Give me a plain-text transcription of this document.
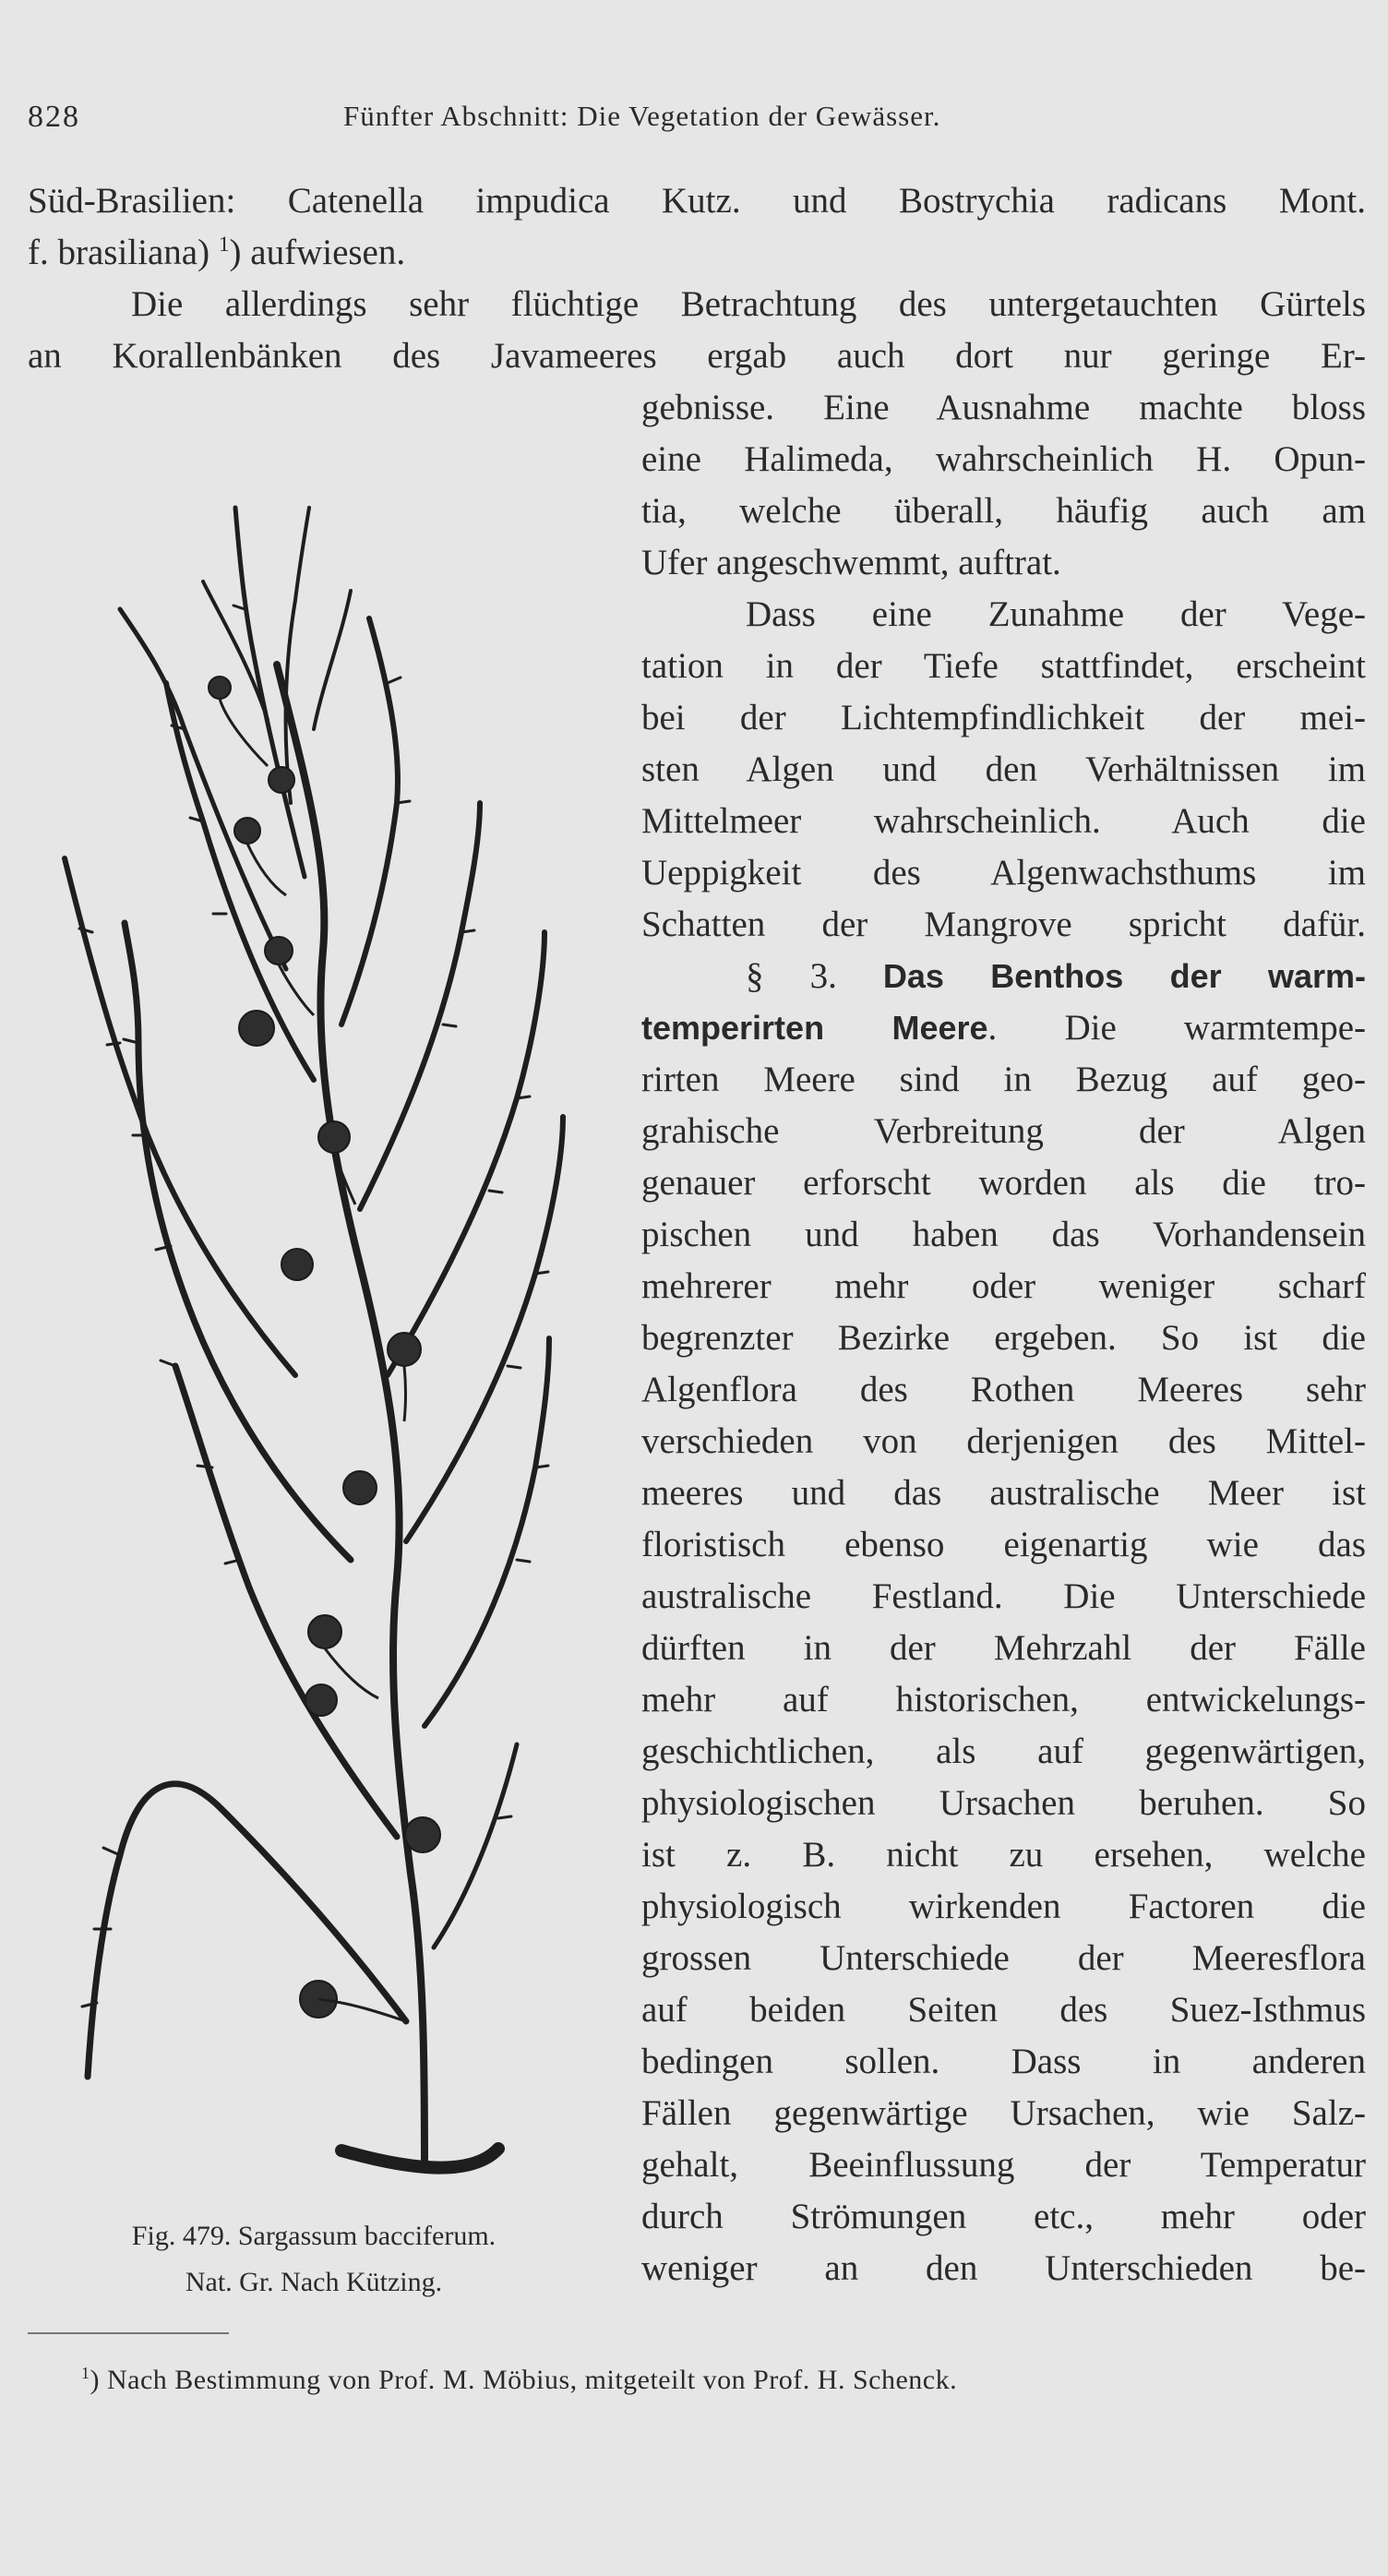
828	Fünfter Abschnitt: Die Vegetation der Gewässer.
Süd-Brasilien: Catenella impudica Kutz. und Bostrychia radicans Mont.
f. brasiliana) $^1$) aufwiesen.
Die allerdings sehr flüchtige Betrachtung des untergetauchten Gürtels
an Korallenbänken des Javameeres ergab auch dort nur geringe Er-
gebnisse. Eine Ausnahme machte bloss
eine Halimeda, wahrscheinlich H. Opun-
tia, welche überall, häufig auch am
Ufer angeschwemmt, auftrat.
Dass eine Zunahme der Vege-
tation in der Tiefe stattfindet, erscheint
bei der Lichtempfindlichkeit der mei-
sten Algen und den Verhältnissen im
Mittelmeer wahrscheinlich. Auch die
Ueppigkeit des Algenwachsthums im
Schatten der Mangrove spricht dafür.
§ 3. Das Benthos der warm-
temperirten Meere. Die warmtempe-
rirten Meere sind in Bezug auf geo-
grahische Verbreitung der Algen
genauer erforscht worden als die tro-
pischen und haben das Vorhandensein
mehrerer mehr oder weniger scharf
begrenzter Bezirke ergeben. So ist die
Algenflora des Rothen Meeres sehr
verschieden von derjenigen des Mittel-
meeres und das australische Meer ist
floristisch ebenso eigenartig wie das
australische Festland. Die Unterschiede
dürften in der Mehrzahl der Fälle
mehr auf historischen, entwickelungs-
geschichtlichen, als auf gegenwärtigen,
physiologischen Ursachen beruhen. So
ist z. B. nicht zu ersehen, welche
physiologisch wirkenden Factoren die
grossen Unterschiede der Meeresflora
auf beiden Seiten des Suez-Isthmus
bedingen sollen. Dass in anderen
Fällen gegenwärtige Ursachen, wie Salz-
gehalt, Beeinflussung der Temperatur
durch Strömungen etc., mehr oder
weniger an den Unterschieden be-
Fig. 479. Sargassum bacciferum.
Nat. Gr. Nach Kützing.
$^1$) Nach Bestimmung von Prof. M. Möbius, mitgeteilt von Prof. H. Schenck.
